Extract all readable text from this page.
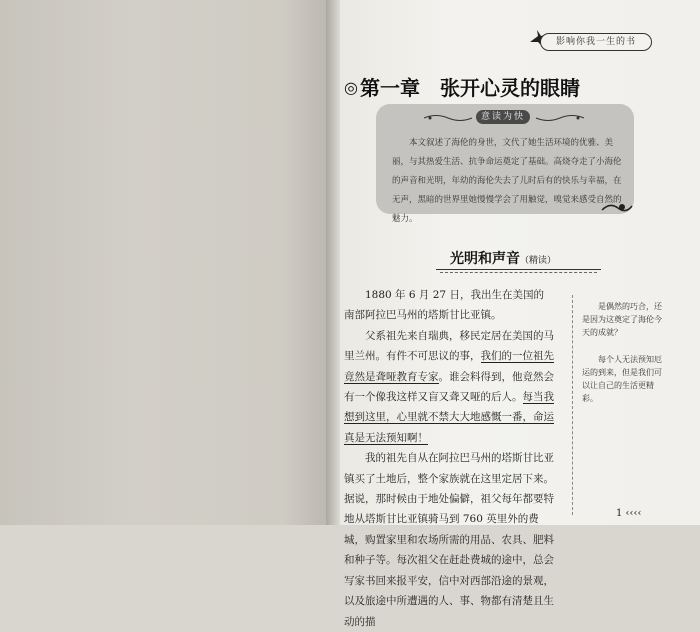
影响你我一生的书
◎ 第一章 张开心灵的眼睛
意读为快

本文叙述了海伦的身世，文代了她生活环境的优雅、美丽，与其热爱生活、抗争命运奠定了基础。高烧夺走了小海伦的声音和光明，年幼的海伦失去了儿时后有的快乐与幸福，在无声，黑暗的世界里她慢慢学会了用触觉，嗅觉来感受自然的魅力。

光明和声音（精读）

1880 年 6 月 27 日，我出生在美国的南部阿拉巴马州的塔斯甘比亚镇。

父系祖先来自瑞典，移民定居在美国的马里兰州。有件不可思议的事，我们的一位祖先竟然是聋哑教育专家。谁会料得到，他竟然会有一个像我这样又盲又聋又哑的后人。每当我想到这里，心里就不禁大大地感慨一番，命运真是无法预知啊！

我的祖先自从在阿拉巴马州的塔斯甘比亚镇买了土地后，整个家族就在这里定居下来。据说，那时候由于地处偏僻，祖父每年都要特地从塔斯甘比亚镇骑马到 760 英里外的费城，购置家里和农场所需的用品、农具、肥料和种子等。每次祖父在赶赴费城的途中，总会写家书回来报平安，信中对西部沿途的景观，以及旅途中所遭遇的人、事、物都有清楚且生动的描

是偶然的巧合，还是因为这奠定了海伦今天的成就？

每个人无法预知厄运的到来，但是我们可以让自己的生活更精彩。

1 ‹‹‹‹
